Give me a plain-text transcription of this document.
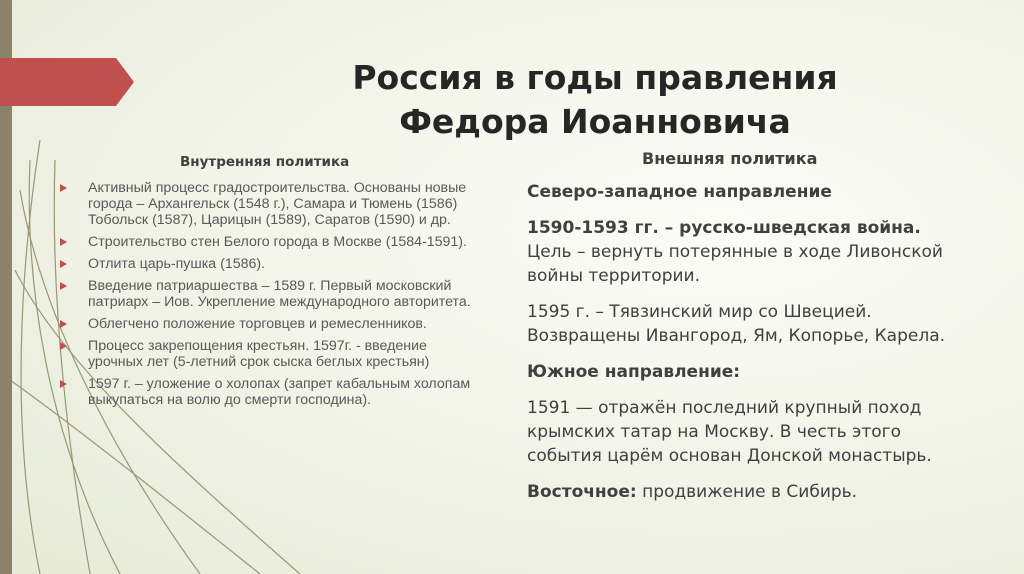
Россия в годы правления
Федора Иоанновича
Внутренняя политика	Внешняя политика
Активный процесс градостроительства. Основаны новые города – Архангельск (1548 г.), Самара и Тюмень (1586) Тобольск (1587), Царицын (1589), Саратов (1590) и др.
Строительство стен Белого города в Москве (1584-1591).
Отлита царь-пушка (1586).
Введение патриаршества – 1589 г. Первый московский патриарх – Иов. Укрепление международного авторитета.
Облегчено положение торговцев и ремесленников.
Процесс закрепощения крестьян. 1597г. - введение урочных лет (5-летний срок сыска беглых крестьян)
1597 г. – уложение о холопах (запрет кабальным холопам выкупаться на волю до смерти господина).

Северо-западное направление

1590-1593 гг. – русско-шведская война. Цель – вернуть потерянные в ходе Ливонской войны территории.

1595 г. – Тявзинский мир со Швецией. Возвращены Ивангород, Ям, Копорье, Карела.

Южное направление:

1591 — отражён последний крупный поход крымских татар на Москву. В честь этого события царём основан Донской монастырь.

Восточное: продвижение в Сибирь.
